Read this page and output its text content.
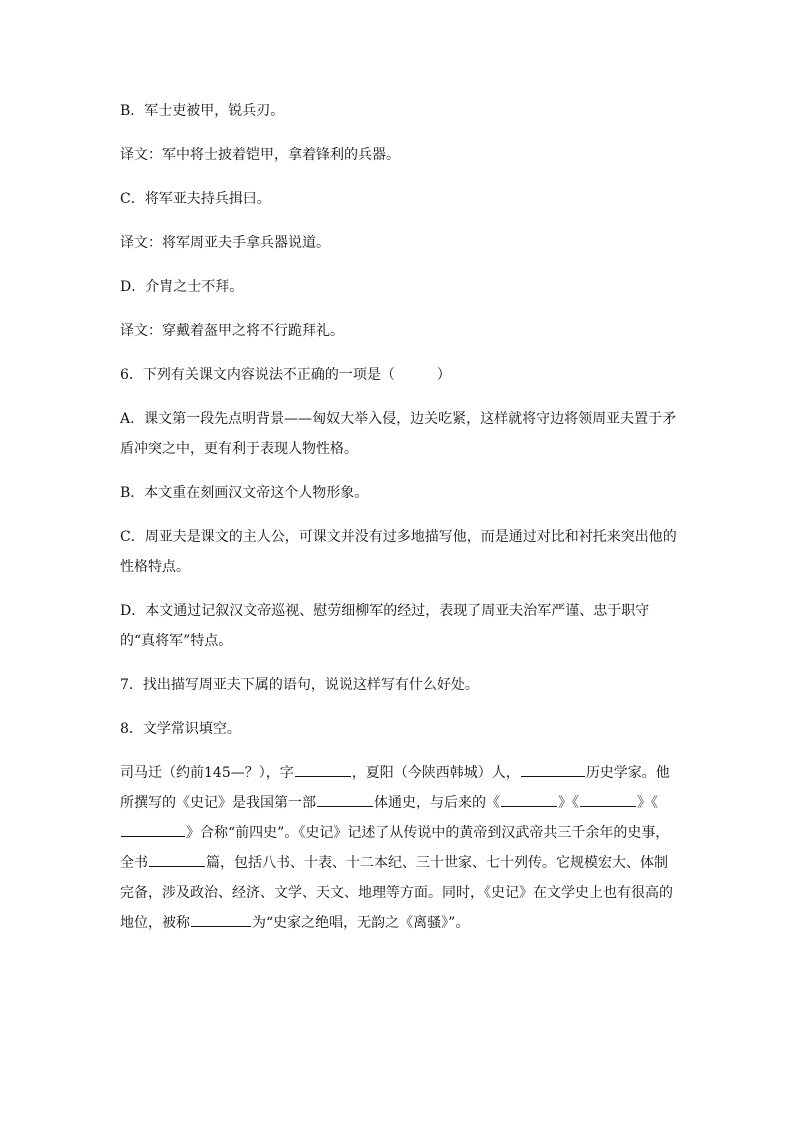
B．军士吏被甲，锐兵刃。

译文：军中将士披着铠甲，拿着锋利的兵器。

C．将军亚夫持兵揖曰。

译文：将军周亚夫手拿兵器说道。

D．介胄之士不拜。

译文：穿戴着盔甲之将不行跪拜礼。

6．下列有关课文内容说法不正确的一项是（　　　）

A．课文第一段先点明背景——匈奴大举入侵，边关吃紧，这样就将守边将领周亚夫置于矛盾冲突之中，更有利于表现人物性格。

B．本文重在刻画汉文帝这个人物形象。

C．周亚夫是课文的主人公，可课文并没有过多地描写他，而是通过对比和衬托来突出他的性格特点。

D．本文通过记叙汉文帝巡视、慰劳细柳军的经过，表现了周亚夫治军严谨、忠于职守的“真将军”特点。

7．找出描写周亚夫下属的语句，说说这样写有什么好处。

8．文学常识填空。

司马迁（约前145—？），字	，夏阳（今陕西韩城）人，	历史学家。他所撰写的《史记》是我国第一部	体通史，与后来的《	》《	》《》合称“前四史”。《史记》记述了从传说中的黄帝到汉武帝共三千余年的史事，全书	篇，包括八书、十表、十二本纪、三十世家、七十列传。它规模宏大、体制完备，涉及政治、经济、文学、天文、地理等方面。同时，《史记》在文学史上也有很高的地位，被称	为“史家之绝唱，无韵之《离骚》”。
